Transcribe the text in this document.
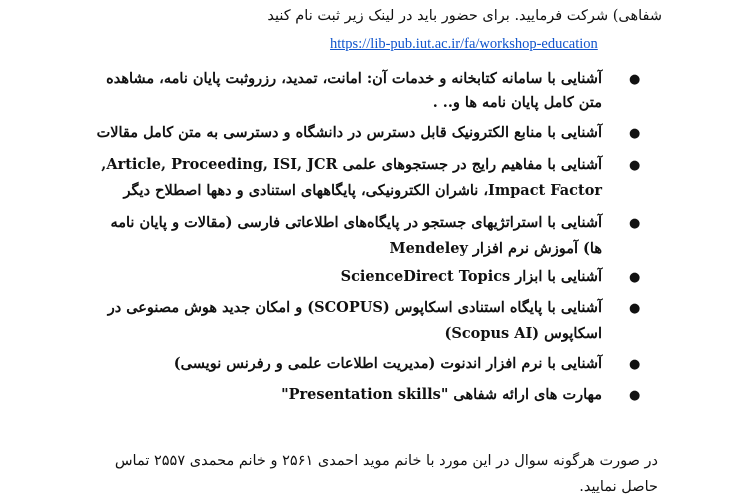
شفاهی) شرکت فرمایید. برای حضور باید در لینک زیر ثبت نام کنید
https://lib-pub.iut.ac.ir/fa/workshop-education
●
آشنایی با سامانه کتابخانه و خدمات آن: امانت، تمدید، رزروثبت پایان نامه، مشاهده
متن کامل پایان نامه ها و.. .
●
آشنایی با منابع الکترونیک قابل دسترس در دانشگاه و دسترسی به متن کامل مقالات
●
آشنایی با مفاهیم رایج در جستجوهای علمی Article, Proceeding, ISI, JCR,
Impact Factor، ناشران الکترونیکی، پایگاههای استنادی و دهها اصطلاح دیگر
●
آشنایی با استراتژیهای جستجو در پایگاه‌های اطلاعاتی فارسی (مقالات و پایان نامه
ها) آموزش نرم افزار Mendeley
●
آشنایی با ابزار ScienceDirect Topics
●
آشنایی با پایگاه استنادی اسکاپوس (SCOPUS) و امکان جدید هوش مصنوعی در
اسکاپوس (Scopus AI)
●
آشنایی با نرم افزار اندنوت (مدیریت اطلاعات علمی و رفرنس نویسی)
●
مهارت های ارائه شفاهی "Presentation skills"
در صورت هرگونه سوال در این مورد با خانم موید احمدی ۲۵۶۱ و خانم محمدی ۲۵۵۷ تماس
حاصل نمایید.
